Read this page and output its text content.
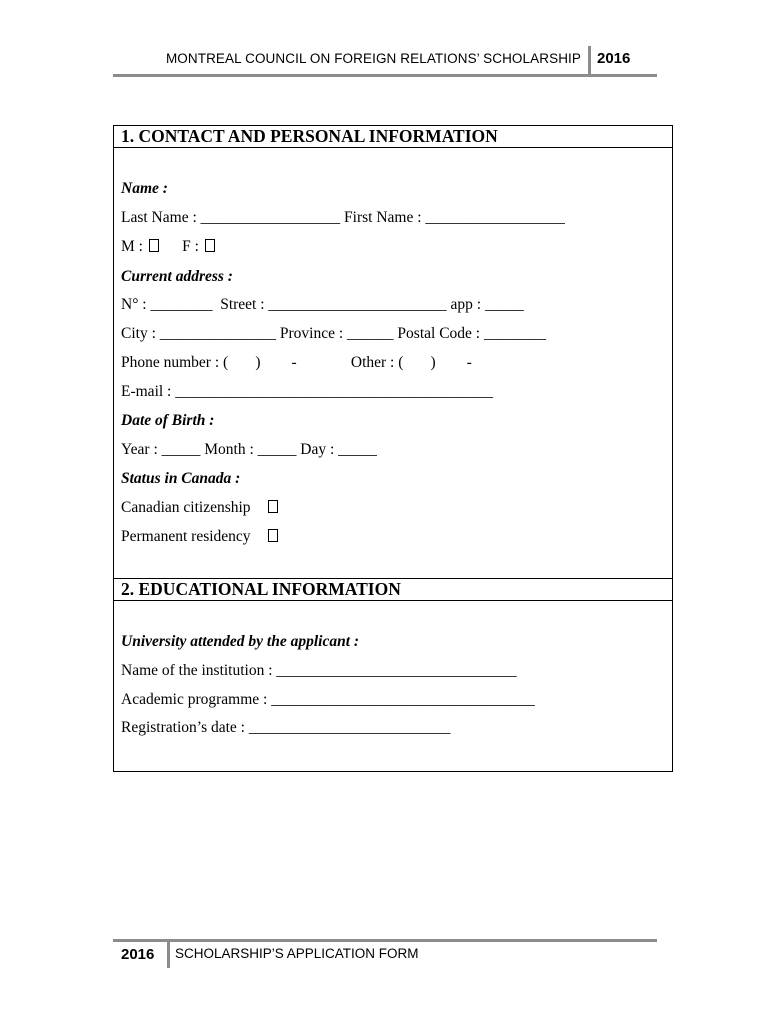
MONTREAL COUNCIL ON FOREIGN RELATIONS’ SCHOLARSHIP 2016
1. CONTACT AND PERSONAL INFORMATION
Name :
Last Name : __________________ First Name : __________________
M :       F :
Current address :
N° : ________  Street : _______________________ app : _____
City : _______________ Province : ______ Postal Code : ________
Phone number : (       )        -	Other : (       )        -
E-mail : _________________________________________
Date of Birth :
Year : _____ Month : _____ Day : _____
Status in Canada :
Canadian citizenship
Permanent residency
2. EDUCATIONAL INFORMATION
University attended by the applicant :
Name of the institution : _______________________________
Academic programme : __________________________________
Registration’s date : __________________________
2016 SCHOLARSHIP’S APPLICATION FORM
